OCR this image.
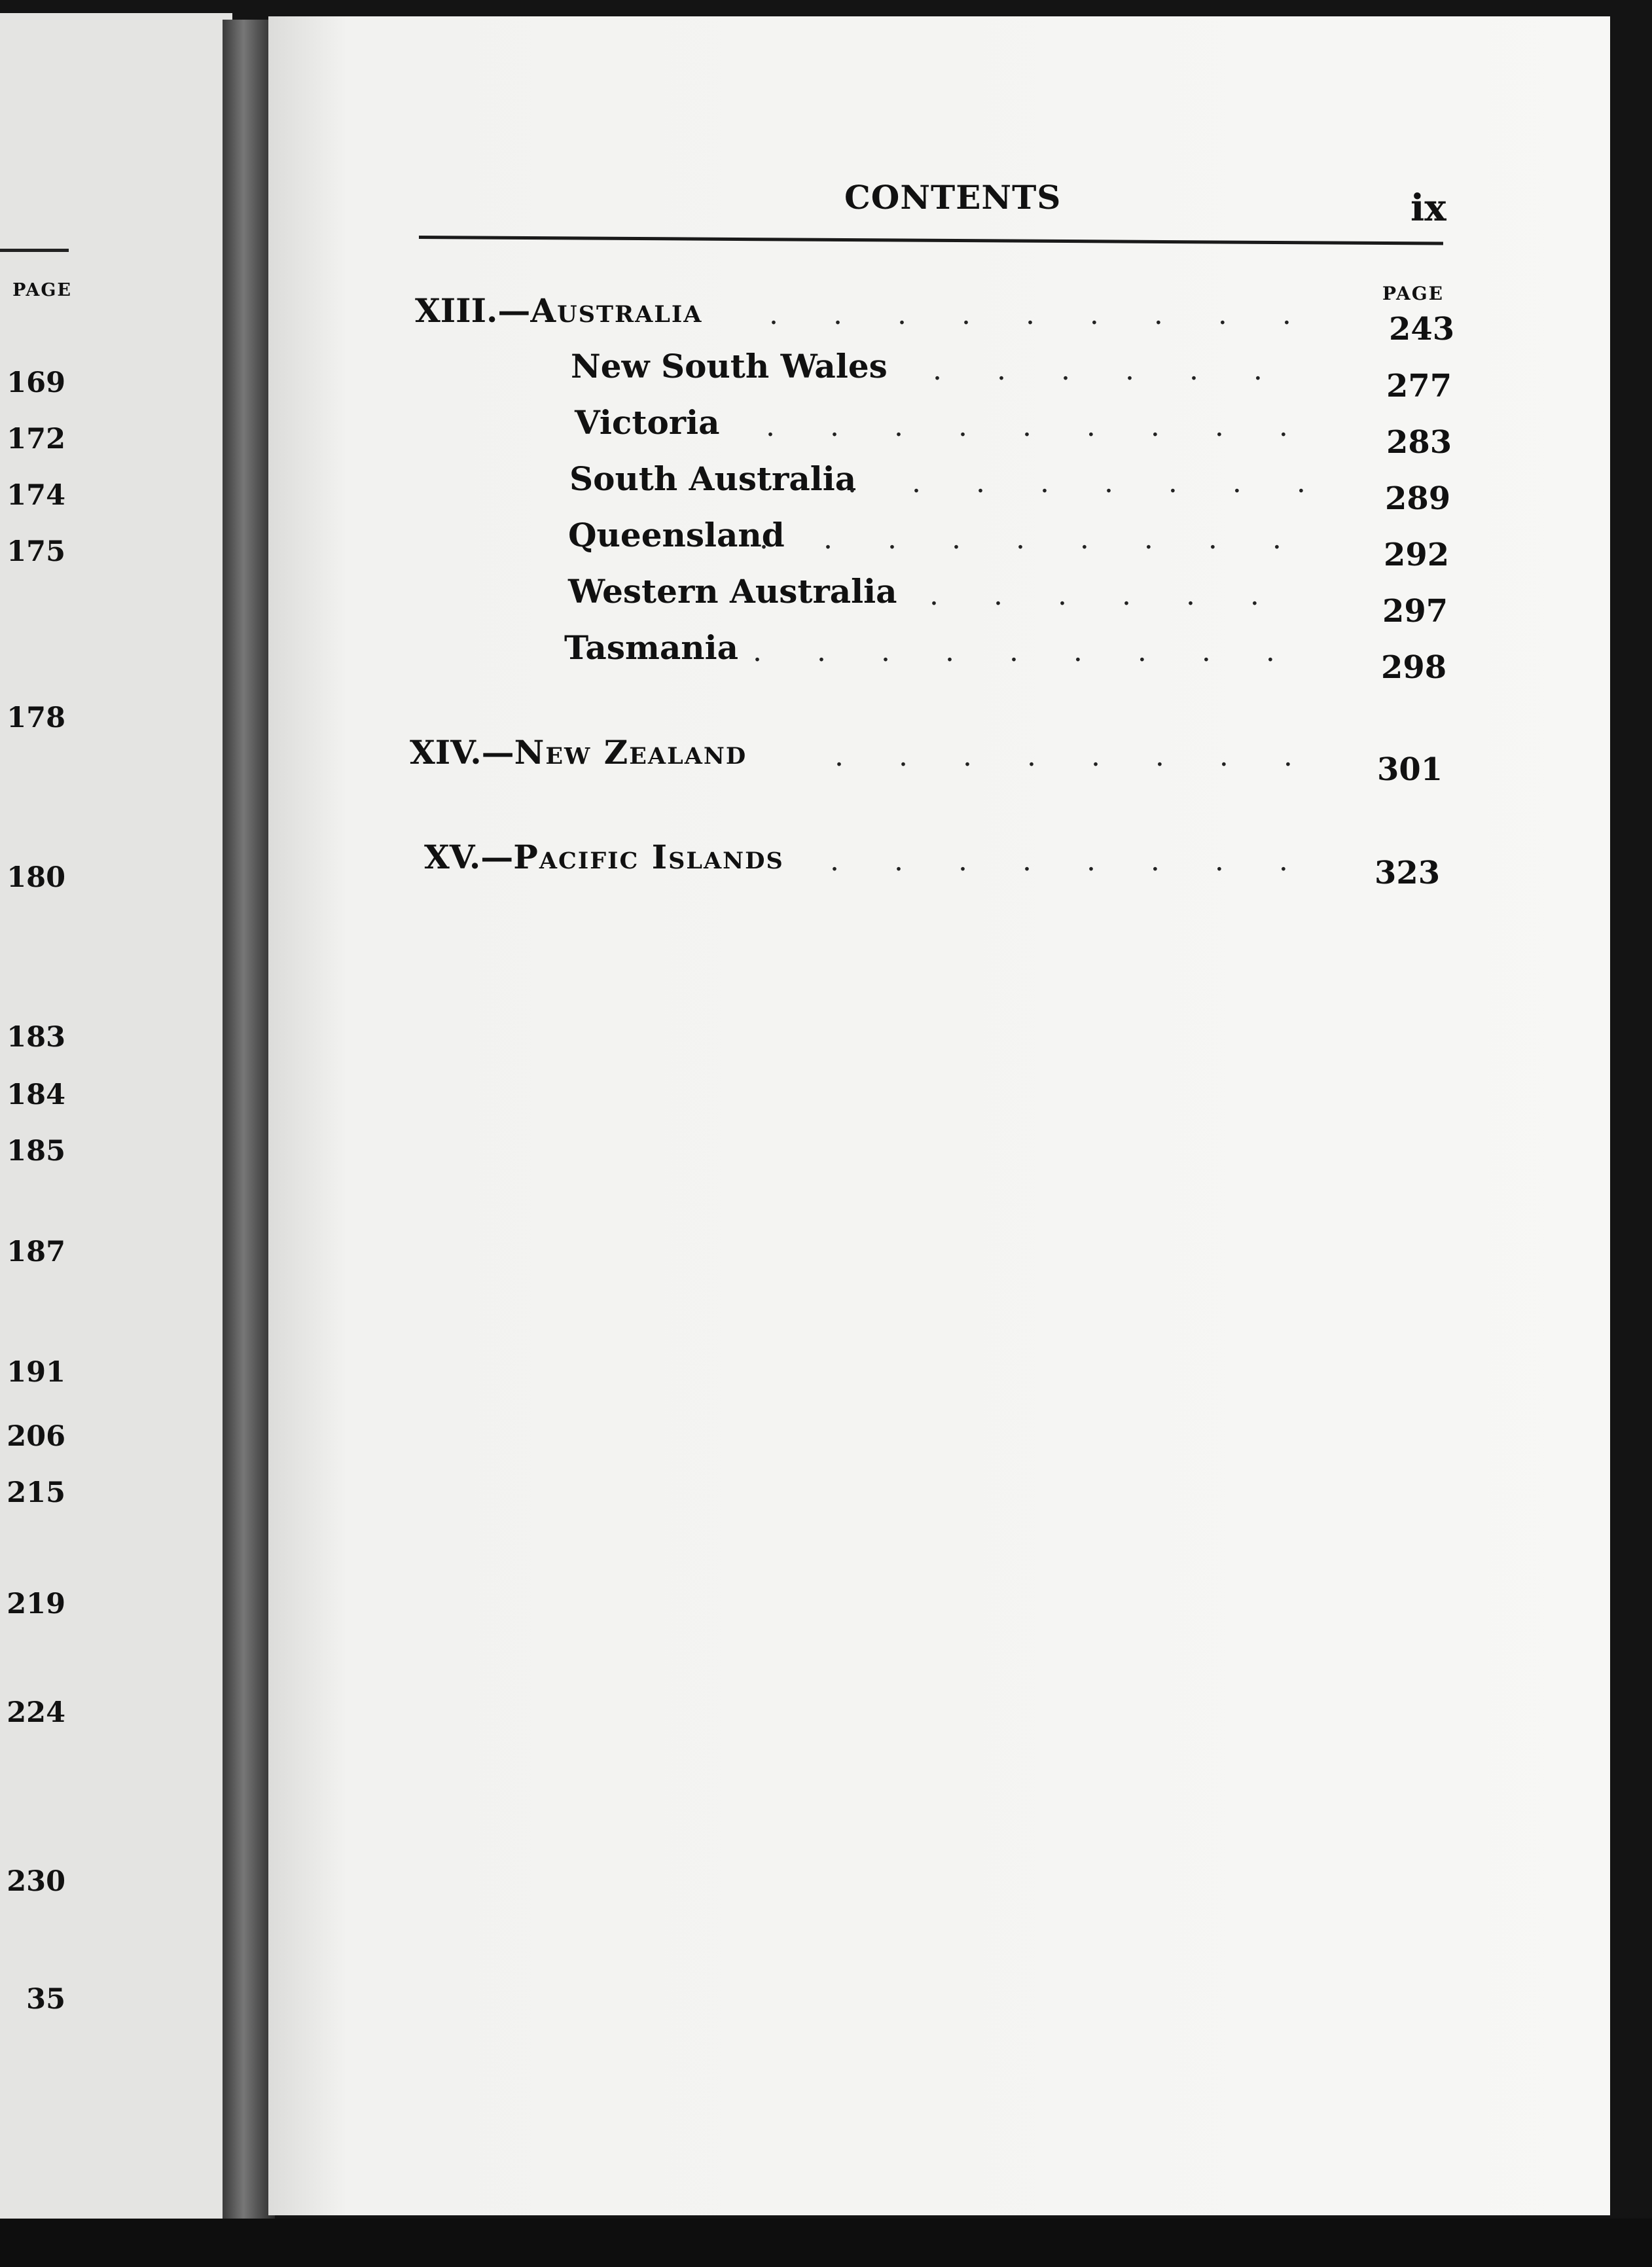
PAGE
169
172
174
175
178
180
183
184
185
187
191
206
215
219
224
230
35
CONTENTS	ix
PAGE
XIII.—Australia ......... 243
New South Wales ...... 277
Victoria ......... 283
South Australia
........ 289
Queensland
......... 292
Western Australia ...... 297
Tasmania ......... 298
XIV.—New Zealand	........ 301
XV.—Pacific Islands ........ 323
